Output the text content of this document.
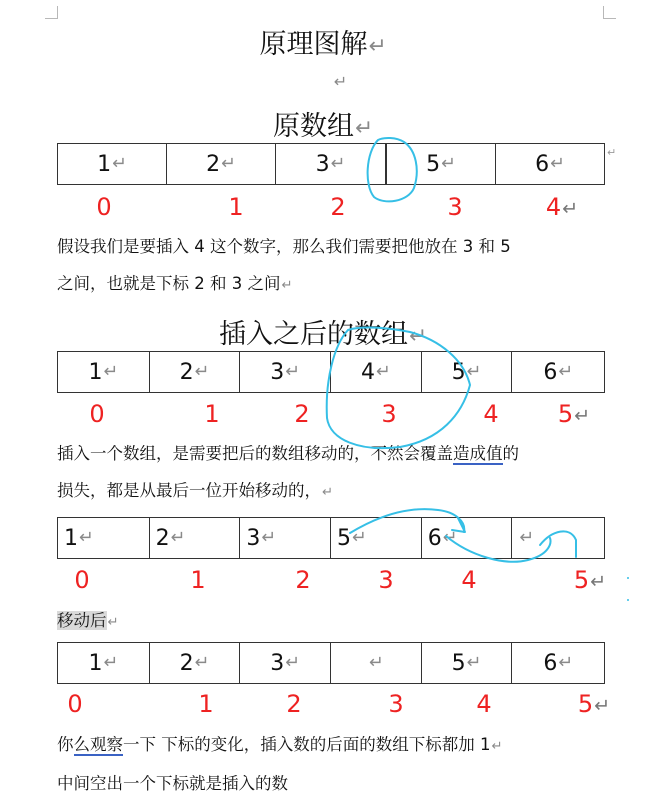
原理图解↵
↵
原数组↵
1 ↵	2 ↵	3 ↵	5 ↵	6 ↵
↵
0	1	2	3	4↵
假设我们是要插入 4 这个数字，那么我们需要把他放在 3 和 5
之间，也就是下标 2 和 3 之间↵
插入之后的数组↵
1 ↵	2 ↵	3 ↵	4 ↵	5 ↵	6 ↵
0	1	2	3	4 5↵
插入一个数组，是需要把后的数组移动的，不然会覆盖造成值的
损失，都是从最后一位开始移动的，↵
1 ↵	2 ↵	3 ↵	5 ↵	6 ↵	↵
0	1	2	3	4	5↵
移动后↵
1 ↵	2 ↵	3 ↵	↵	5 ↵	6 ↵
0	1	2	3	4	5↵
你么观察一下 下标的变化，插入数的后面的数组下标都加 1↵
中间空出一个下标就是插入的数
